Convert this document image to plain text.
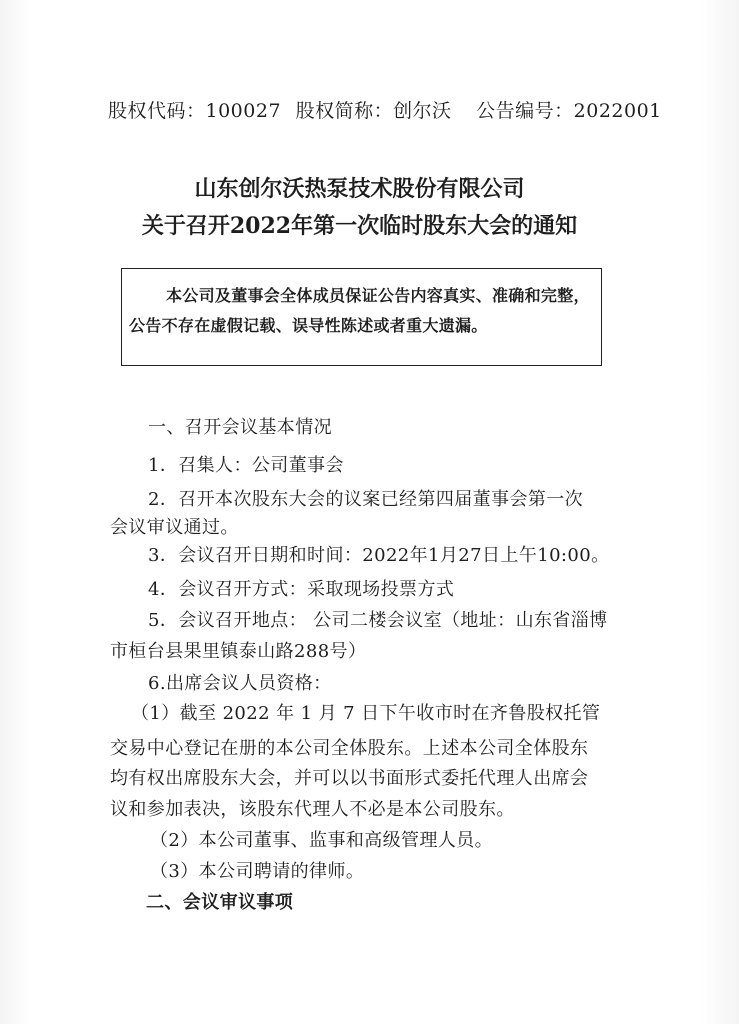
股权代码：100027 股权简称：创尔沃 公告编号：2022001
山东创尔沃热泵技术股份有限公司
关于召开2022年第一次临时股东大会的通知

本公司及董事会全体成员保证公告内容真实、准确和完整，

公告不存在虚假记载、误导性陈述或者重大遗漏。

一、召开会议基本情况
1．召集人：公司董事会
2．召开本次股东大会的议案已经第四届董事会第一次
会议审议通过。
3．会议召开日期和时间：2022年1月27日上午10:00。
4．会议召开方式：采取现场投票方式
5．会议召开地点： 公司二楼会议室（地址：山东省淄博
市桓台县果里镇泰山路288号）
6.出席会议人员资格：
（1）截至 2022 年 1 月 7 日下午收市时在齐鲁股权托管
交易中心登记在册的本公司全体股东。上述本公司全体股东
均有权出席股东大会，并可以以书面形式委托代理人出席会
议和参加表决，该股东代理人不必是本公司股东。
（2）本公司董事、监事和高级管理人员。
（3）本公司聘请的律师。
二、会议审议事项
